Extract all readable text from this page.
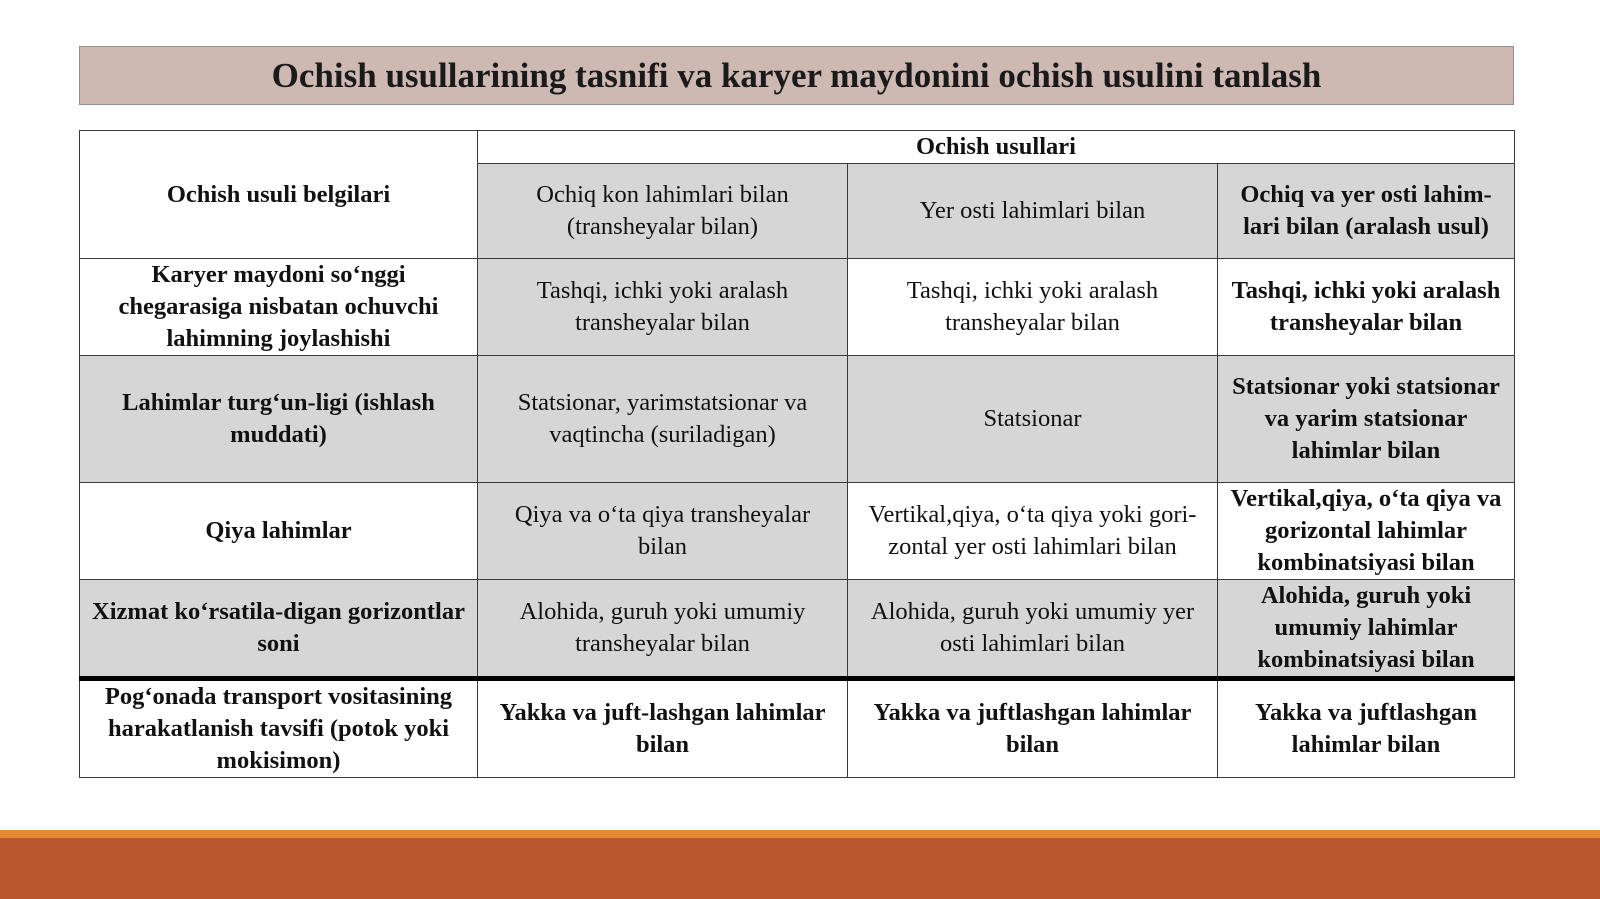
Ochish usullarining tasnifi va karyer maydonini ochish usulini tanlash
Ochish usuli belgilari	Ochish usullari		
	Ochiq kon lahimlari bilan (transheyalar bilan)	Yer osti lahimlari bilan	Ochiq va yer osti lahim-lari bilan (aralash usul)
Karyer maydoni so‘nggi chegarasiga nisbatan ochuvchi lahimning joylashishi	Tashqi, ichki yoki aralash transheyalar bilan	Tashqi, ichki yoki aralash transheyalar bilan	Tashqi, ichki yoki aralash transheyalar bilan
Lahimlar turg‘un-ligi (ishlash muddati)	Statsionar, yarimstatsionar va vaqtincha (suriladigan)	Statsionar	Statsionar yoki statsionar va yarim statsionar lahimlar bilan
Qiya lahimlar	Qiya va o‘ta qiya transheyalar bilan	Vertikal,qiya, o‘ta qiya yoki gori-zontal yer osti lahimlari bilan	Vertikal,qiya, o‘ta qiya va gorizontal lahimlar kombinatsiyasi bilan
Xizmat ko‘rsatila-digan gorizontlar soni	Alohida, guruh yoki umumiy transheyalar bilan	Alohida, guruh yoki umumiy yer osti lahimlari bilan	Alohida, guruh yoki umumiy lahimlar kombinatsiyasi bilan
Pog‘onada transport vositasining harakatlanish tavsifi (potok yoki mokisimon)	Yakka va juft-lashgan lahimlar bilan	Yakka va juftlashgan lahimlar bilan	Yakka va juftlashgan lahimlar bilan
